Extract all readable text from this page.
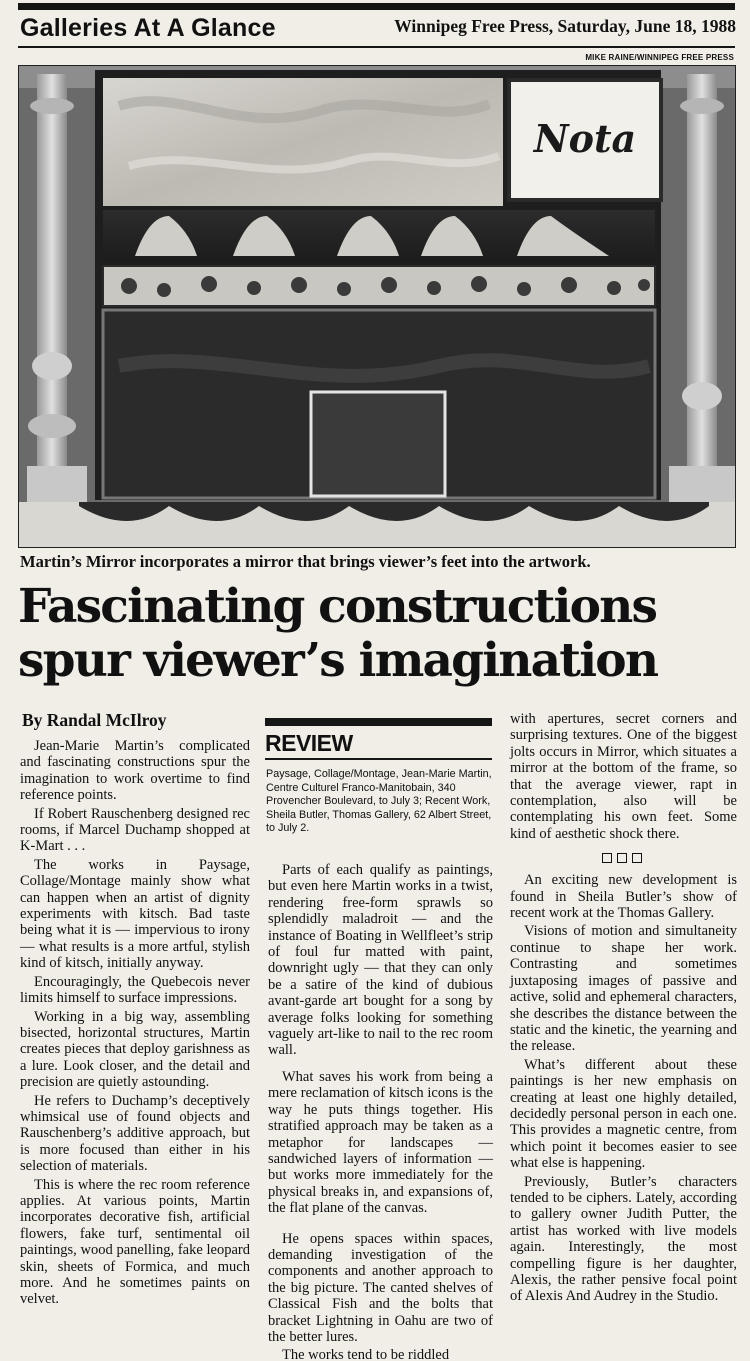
Galleries At A Glance	Winnipeg Free Press, Saturday, June 18, 1988
MIKE RAINE/WINNIPEG FREE PRESS
Nota
Martin’s Mirror incorporates a mirror that brings viewer’s feet into the artwork.
Fascinating constructions
spur viewer’s imagination
By Randal McIlroy

Jean-Marie Martin’s complicated and fascinating constructions spur the imagination to work overtime to find reference points.

If Robert Rauschenberg designed rec rooms, if Marcel Duchamp shopped at K-Mart . . .

The works in Paysage, Collage/Montage mainly show what can happen when an artist of dignity experiments with kitsch. Bad taste being what it is — impervious to irony — what results is a more artful, stylish kind of kitsch, initially anyway.

Encouragingly, the Quebecois never limits himself to surface impressions.

Working in a big way, assembling bisected, horizontal structures, Martin creates pieces that deploy garishness as a lure. Look closer, and the detail and precision are quietly astounding.

He refers to Duchamp’s deceptively whimsical use of found objects and Rauschenberg’s additive approach, but is more focused than either in his selection of materials.

This is where the rec room reference applies. At various points, Martin incorporates decorative fish, artificial flowers, fake turf, sentimental oil paintings, wood panelling, fake leopard skin, sheets of Formica, and much more. And he sometimes paints on velvet.

REVIEW
Paysage, Collage/Montage, Jean-Marie Martin, Centre Culturel Franco-Manitobain, 340 Provencher Boulevard, to July 3; Recent Work, Sheila Butler, Thomas Gallery, 62 Albert Street, to July 2.

Parts of each qualify as paintings, but even here Martin works in a twist, rendering free-form sprawls so splendidly maladroit — and the instance of Boating in Wellfleet’s strip of foul fur matted with paint, downright ugly — that they can only be a satire of the kind of dubious avant-garde art bought for a song by average folks looking for something vaguely art-like to nail to the rec room wall.

What saves his work from being a mere reclamation of kitsch icons is the way he puts things together. His stratified approach may be taken as a metaphor for landscapes — sandwiched layers of information — but works more immediately for the physical breaks in, and expansions of, the flat plane of the canvas.

He opens spaces within spaces, demanding investigation of the components and another approach to the big picture. The canted shelves of Classical Fish and the bolts that bracket Lightning in Oahu are two of the better lures.

The works tend to be riddled

with apertures, secret corners and surprising textures. One of the biggest jolts occurs in Mirror, which situates a mirror at the bottom of the frame, so that the average viewer, rapt in contemplation, also will be contemplating his own feet. Some kind of aesthetic shock there.

An exciting new development is found in Sheila Butler’s show of recent work at the Thomas Gallery.

Visions of motion and simultaneity continue to shape her work. Contrasting and sometimes juxtaposing images of passive and active, solid and ephemeral characters, she describes the distance between the static and the kinetic, the yearning and the release.

What’s different about these paintings is her new emphasis on creating at least one highly detailed, decidedly personal person in each one. This provides a magnetic centre, from which point it becomes easier to see what else is happening.

Previously, Butler’s characters tended to be ciphers. Lately, according to gallery owner Judith Putter, the artist has worked with live models again. Interestingly, the most compelling figure is her daughter, Alexis, the rather pensive focal point of Alexis And Audrey in the Studio.
